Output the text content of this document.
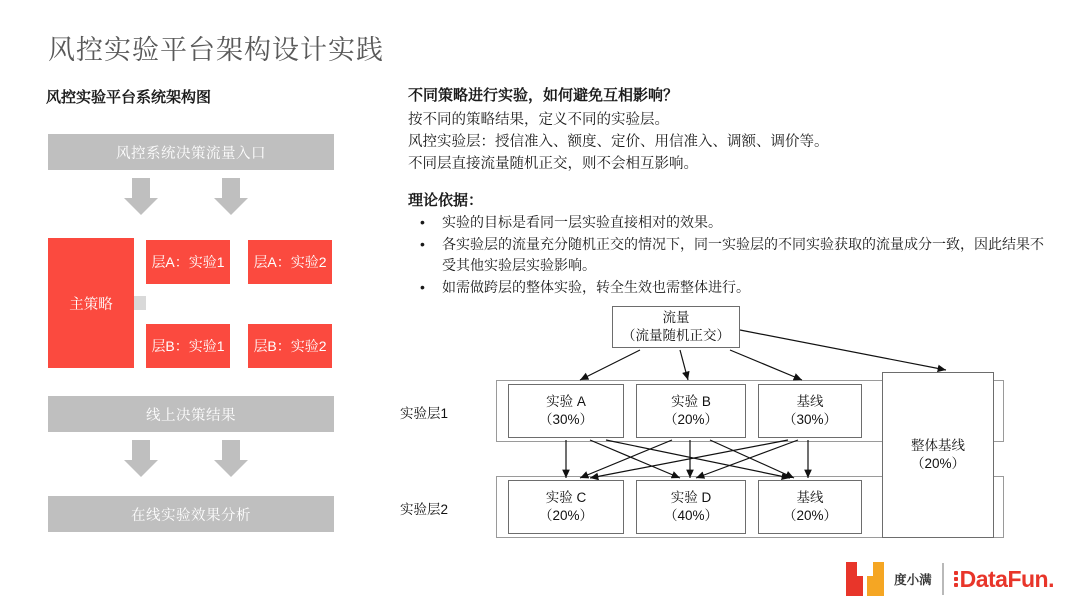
风控实验平台架构设计实践
风控实验平台系统架构图
风控系统决策流量入口
主策略
层A：实验1	层A：实验2
层B：实验1	层B：实验2
线上决策结果
在线实验效果分析
不同策略进行实验，如何避免互相影响？
按不同的策略结果，定义不同的实验层。
风控实验层：授信准入、额度、定价、用信准入、调额、调价等。
不同层直接流量随机正交，则不会相互影响。
理论依据：
• 实验的目标是看同一层实验直接相对的效果。
• 各实验层的流量充分随机正交的情况下，同一实验层的不同实验获取的流量成分一致，因此结果不受其他实验层实验影响。
• 如需做跨层的整体实验，转全生效也需整体进行。
流量
（流量随机正交）
实验层1
实验层2
实验 A
（30%）
实验 B
（20%）
基线
（30%）
实验 C
（20%）
实验 D
（40%）
基线
（20%）
整体基线
（20%）
度小满 DataFun.
